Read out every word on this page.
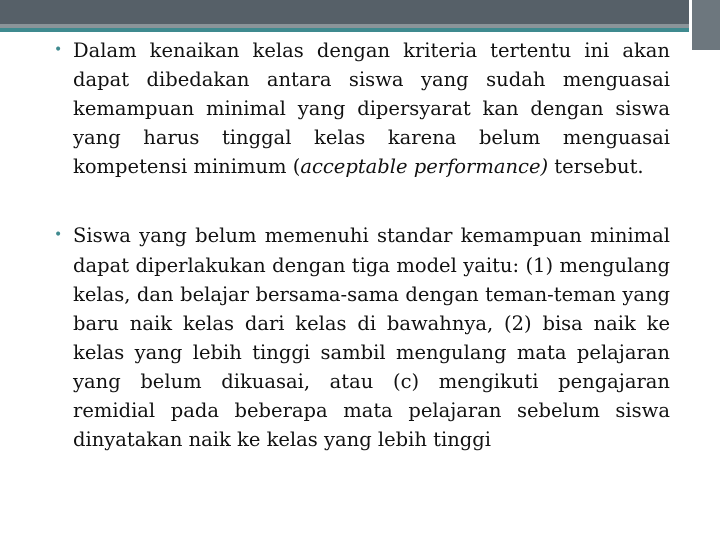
• Dalam kenaikan kelas dengan kriteria tertentu ini akan dapat dibedakan antara siswa yang sudah menguasai kemampuan minimal yang dipersyarat kan dengan siswa yang harus tinggal kelas karena belum menguasai kompetensi minimum (acceptable performance) tersebut.

• Siswa yang belum memenuhi standar kemampuan minimal dapat diperlakukan dengan tiga model yaitu: (1) mengulang kelas, dan belajar bersama-sama dengan teman-teman yang baru naik kelas dari kelas di bawahnya, (2) bisa naik ke kelas yang lebih tinggi sambil mengulang mata pelajaran yang belum dikuasai, atau (c) mengikuti pengajaran remidial pada beberapa mata pelajaran sebelum siswa dinyatakan naik ke kelas yang lebih tinggi
